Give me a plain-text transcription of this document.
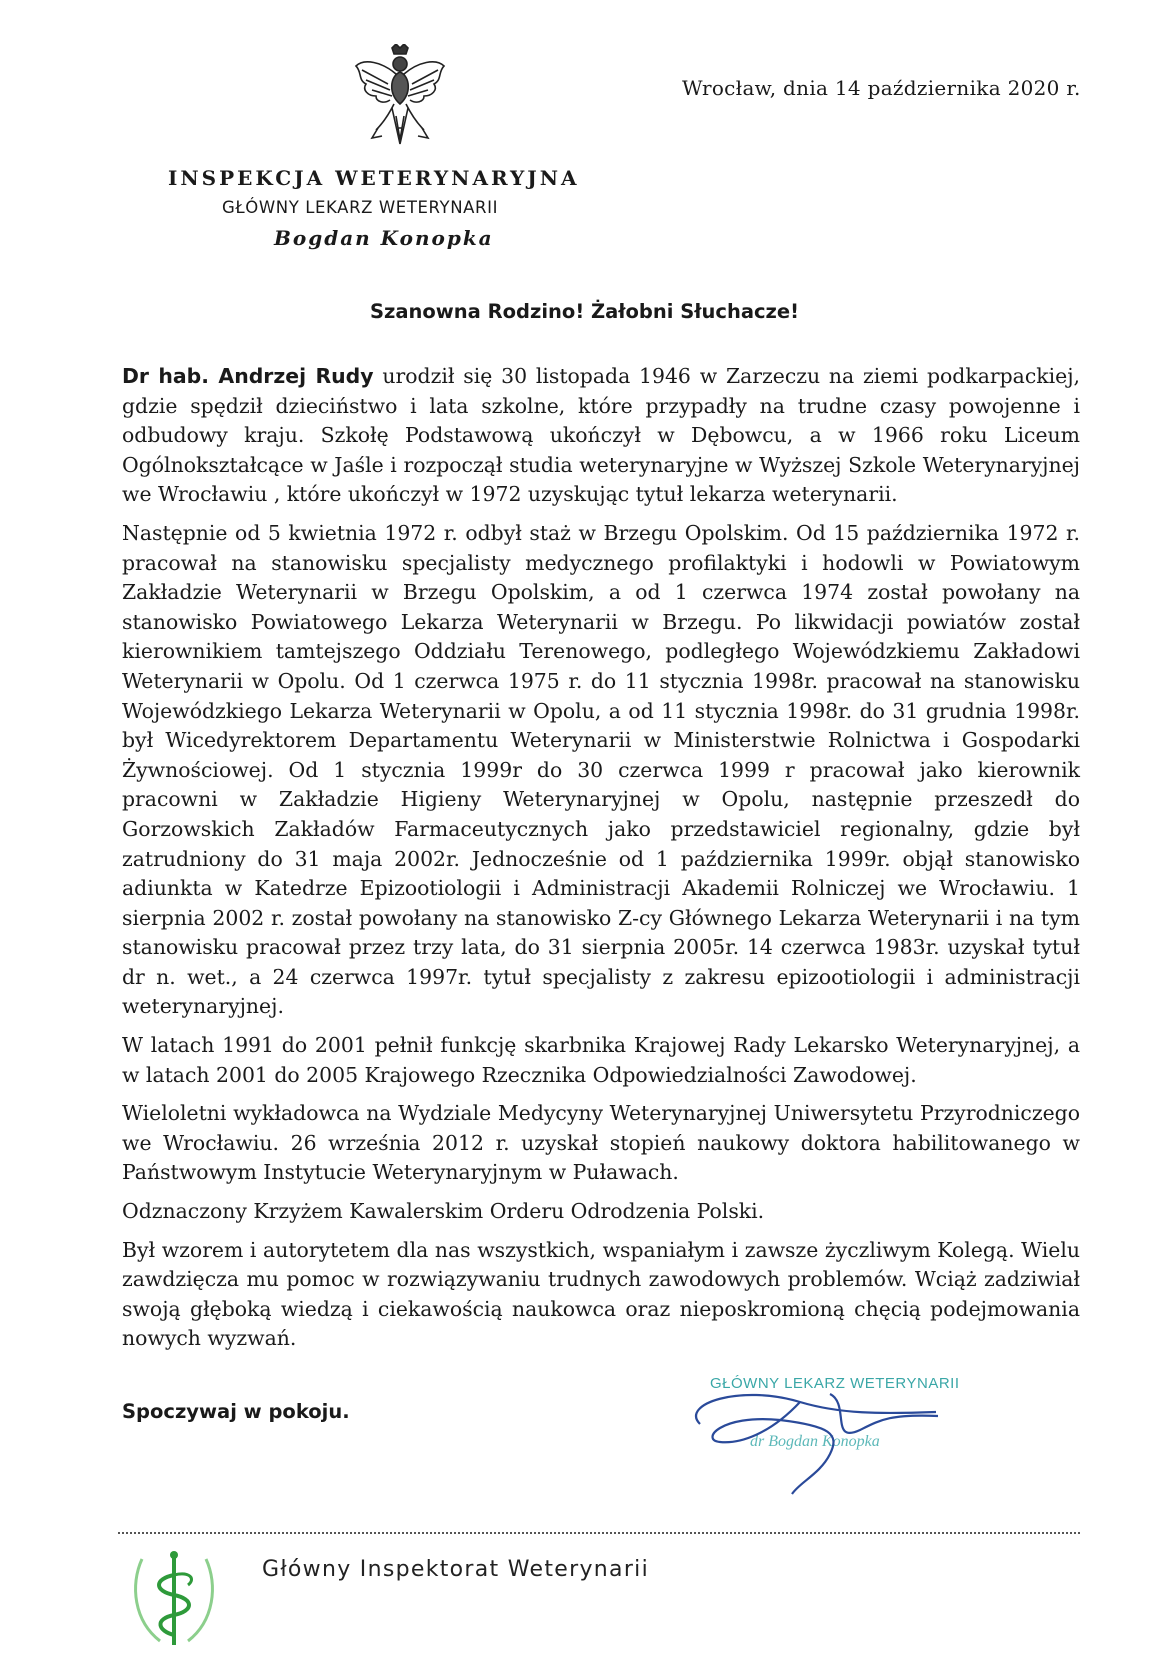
Wrocław, dnia 14 października 2020 r.
INSPEKCJA WETERYNARYJNA
GŁÓWNY LEKARZ WETERYNARII
Bogdan Konopka
Szanowna Rodzino! Żałobni Słuchacze!

Dr hab. Andrzej Rudy urodził się 30 listopada 1946 w Zarzeczu na ziemi podkarpackiej, gdzie spędził dzieciństwo i lata szkolne, które przypadły na trudne czasy powojenne i odbudowy kraju. Szkołę Podstawową ukończył w Dębowcu, a w 1966 roku Liceum Ogólnokształcące w Jaśle i rozpoczął studia weterynaryjne w Wyższej Szkole Weterynaryjnej we Wrocławiu , które ukończył w 1972 uzyskując tytuł lekarza weterynarii.

Następnie od 5 kwietnia 1972 r. odbył staż w Brzegu Opolskim. Od 15 października 1972 r. pracował na stanowisku specjalisty medycznego profilaktyki i hodowli w Powiatowym Zakładzie Weterynarii w Brzegu Opolskim, a od 1 czerwca 1974 został powołany na stanowisko Powiatowego Lekarza Weterynarii w Brzegu. Po likwidacji powiatów został kierownikiem tamtejszego Oddziału Terenowego, podległego Wojewódzkiemu Zakładowi Weterynarii w Opolu. Od 1 czerwca 1975 r. do 11 stycznia 1998r. pracował na stanowisku Wojewódzkiego Lekarza Weterynarii w Opolu, a od 11 stycznia 1998r. do 31 grudnia 1998r. był Wicedyrektorem Departamentu Weterynarii w Ministerstwie Rolnictwa i Gospodarki Żywnościowej. Od 1 stycznia 1999r do 30 czerwca 1999 r pracował jako kierownik pracowni w Zakładzie Higieny Weterynaryjnej w Opolu, następnie przeszedł do Gorzowskich Zakładów Farmaceutycznych jako przedstawiciel regionalny, gdzie był zatrudniony do 31 maja 2002r. Jednocześnie od 1 października 1999r. objął stanowisko adiunkta w Katedrze Epizootiologii i Administracji Akademii Rolniczej we Wrocławiu. 1 sierpnia 2002 r. został powołany na stanowisko Z-cy Głównego Lekarza Weterynarii i na tym stanowisku pracował przez trzy lata, do 31 sierpnia 2005r. 14 czerwca 1983r. uzyskał tytuł dr n. wet., a 24 czerwca 1997r. tytuł specjalisty z zakresu epizootiologii i administracji weterynaryjnej.

W latach 1991 do 2001 pełnił funkcję skarbnika Krajowej Rady Lekarsko Weterynaryjnej, a w latach 2001 do 2005 Krajowego Rzecznika Odpowiedzialności Zawodowej.

Wieloletni wykładowca na Wydziale Medycyny Weterynaryjnej Uniwersytetu Przyrodniczego we Wrocławiu. 26 września 2012 r. uzyskał stopień naukowy doktora habilitowanego w Państwowym Instytucie Weterynaryjnym w Puławach.

Odznaczony Krzyżem Kawalerskim Orderu Odrodzenia Polski.

Był wzorem i autorytetem dla nas wszystkich, wspaniałym i zawsze życzliwym Kolegą. Wielu zawdzięcza mu pomoc w rozwiązywaniu trudnych zawodowych problemów. Wciąż zadziwiał swoją głęboką wiedzą i ciekawością naukowca oraz nieposkromioną chęcią podejmowania nowych wyzwań.

Spoczywaj w pokoju.
GŁÓWNY LEKARZ WETERYNARII
dr Bogdan Konopka
Główny Inspektorat Weterynarii
